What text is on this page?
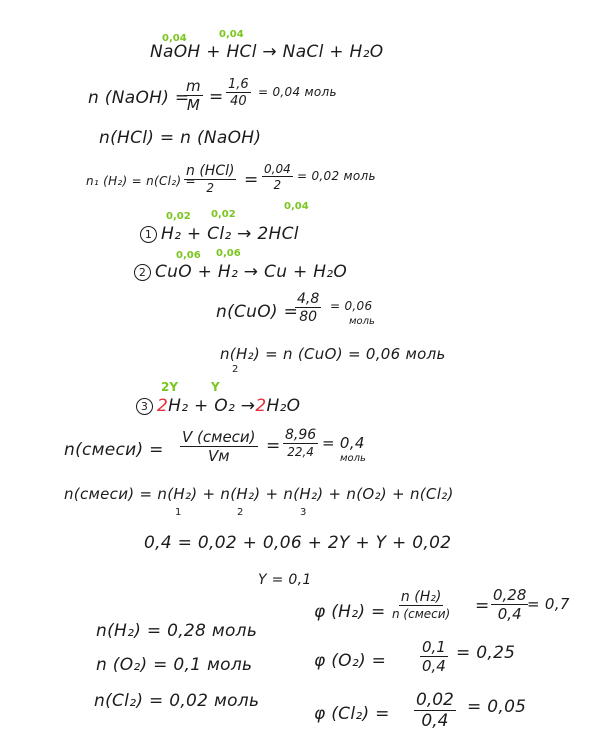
0,04	0,04
NaOH + HCl → NaCl + H₂O
n (NaOH) =
$\frac{m}{M} = \frac{1,6}{40} = 0,04$ моль
n(HCl) = n (NaOH)
n₁ (H₂) = n(Cl₂) =
n (HCl)
$2 = \frac{0,04}{2} = 0,02$ моль
0,02 0,02
0,04
1 H₂ + Cl₂ → 2HCl
0,06 0,06
2 CuO + H₂ → Cu + H₂O
n(CuO) =
$\frac{4,8}{80} = 0,06$
моль
n(H₂) = n (CuO) = 0,06 моль
2
2Y	Y
3 2H₂ + O₂ →2H₂O
n(смеси) =
V (смеси)
Vм = $\frac{8,96}{22,4} = 0,4$
моль
n(смеси) = n(H₂) + n(H₂) + n(H₂) + n(O₂) + n(Cl₂)
1	2	3
0,4 = 0,02 + 0,06 + 2Y + Y + 0,02
Y = 0,1
n(H₂) = 0,28 моль
n (O₂) = 0,1 моль
n(Cl₂) = 0,02 моль
φ (H₂) =
n (H₂)
n (смеси) = $\frac{0,28}{0,4}$
= 0,7
φ $(O_2) = \frac{0,1}{0,4} = 0,25$
φ $(Cl_2) = \frac{0,02}{0,4} = 0,05$
